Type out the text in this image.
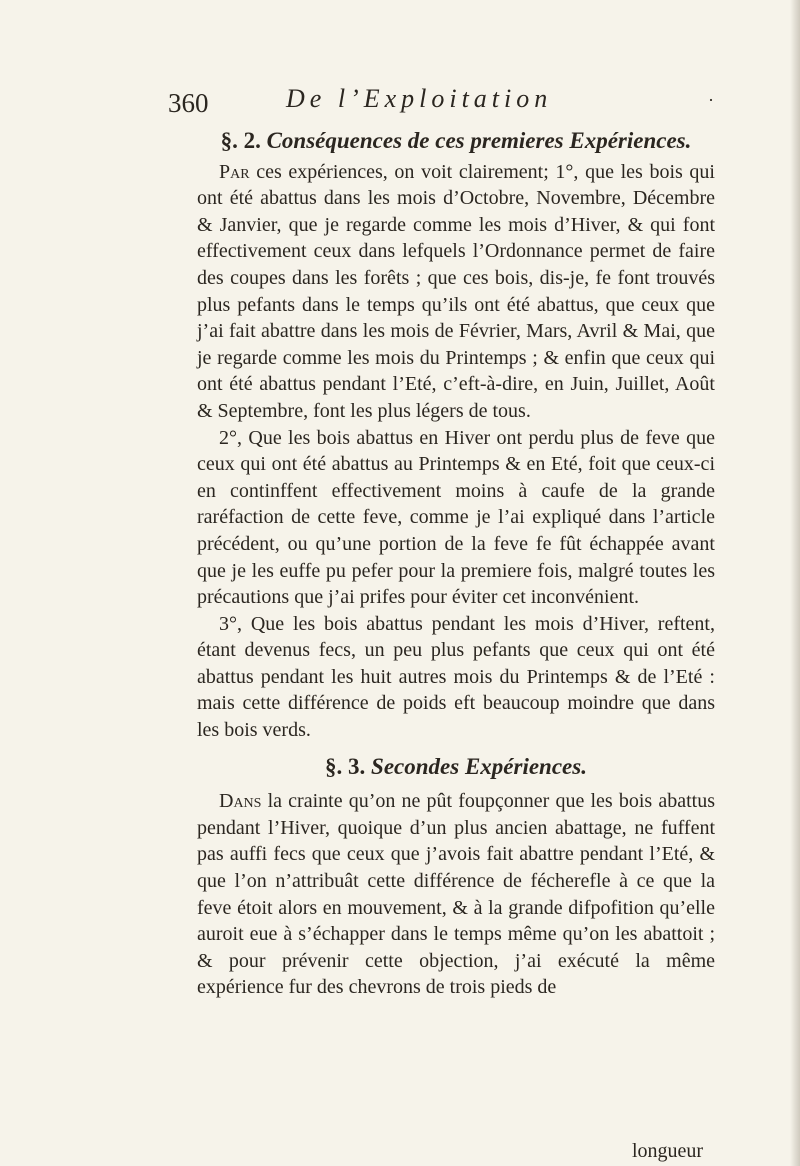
360	De l’Exploitation	·
§. 2. Conséquences de ces premieres Expériences.

Par ces expériences, on voit clairement; 1°, que les bois qui ont été abattus dans les mois d’Octobre, Novembre, Décembre & Janvier, que je regarde comme les mois d’Hiver, & qui font effectivement ceux dans lefquels l’Ordonnance permet de faire des coupes dans les forêts ; que ces bois, dis-je, fe font trouvés plus pefants dans le temps qu’ils ont été abattus, que ceux que j’ai fait abattre dans les mois de Février, Mars, Avril & Mai, que je regarde comme les mois du Printemps ; & enfin que ceux qui ont été abattus pendant l’Eté, c’eft-à-dire, en Juin, Juillet, Août & Septembre, font les plus légers de tous.

2°, Que les bois abattus en Hiver ont perdu plus de feve que ceux qui ont été abattus au Printemps & en Eté, foit que ceux-ci en continffent effectivement moins à caufe de la grande raréfaction de cette feve, comme je l’ai expliqué dans l’article précédent, ou qu’une portion de la feve fe fût échappée avant que je les euffe pu pefer pour la premiere fois, malgré toutes les précautions que j’ai prifes pour éviter cet inconvénient.

3°, Que les bois abattus pendant les mois d’Hiver, reftent, étant devenus fecs, un peu plus pefants que ceux qui ont été abattus pendant les huit autres mois du Printemps & de l’Eté : mais cette différence de poids eft beaucoup moindre que dans les bois verds.

§. 3. Secondes Expériences.

Dans la crainte qu’on ne pût foupçonner que les bois abattus pendant l’Hiver, quoique d’un plus ancien abattage, ne fuffent pas auffi fecs que ceux que j’avois fait abattre pendant l’Eté, & que l’on n’attribuât cette différence de fécherefle à ce que la feve étoit alors en mouvement, & à la grande difpofition qu’elle auroit eue à s’échapper dans le temps même qu’on les abattoit ; & pour prévenir cette objection, j’ai exécuté la même expérience fur des chevrons de trois pieds de

longueur
